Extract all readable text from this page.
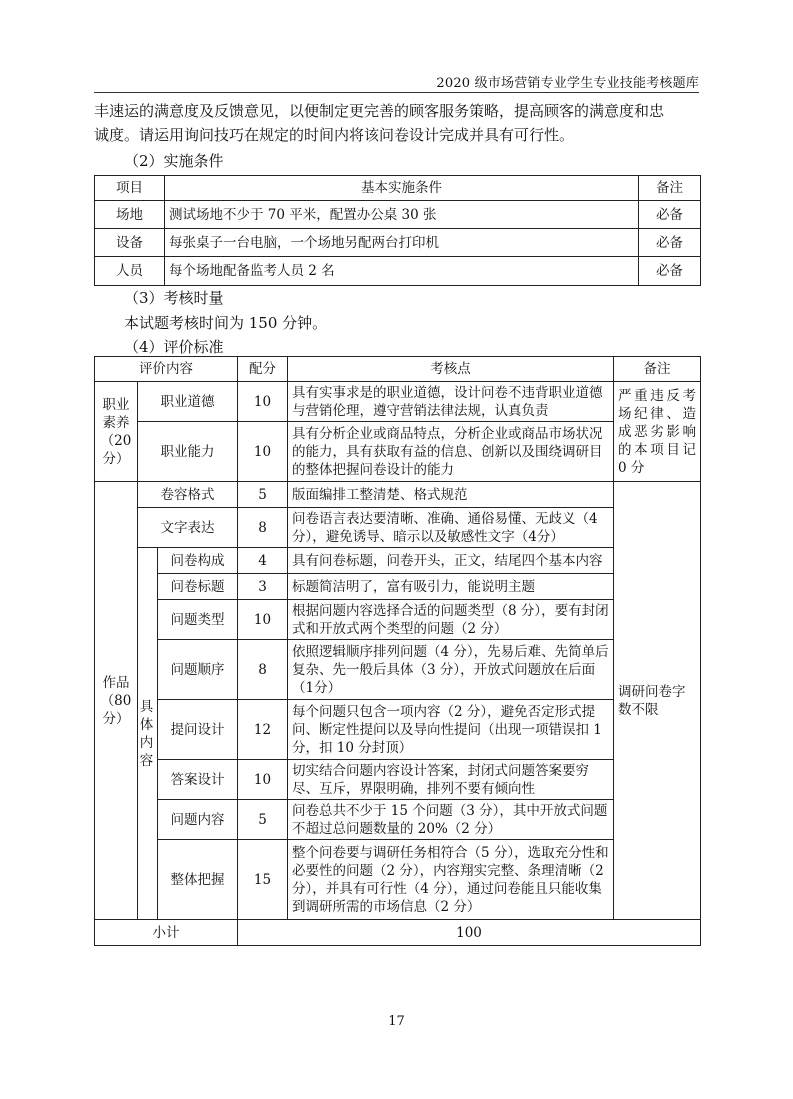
2020 级市场营销专业学生专业技能考核题库

丰速运的满意度及反馈意见，以便制定更完善的顾客服务策略，提高顾客的满意度和忠

诚度。请运用询问技巧在规定的时间内将该问卷设计完成并具有可行性。

（2）实施条件
项目	基本实施条件	备注
场地	测试场地不少于 70 平米，配置办公桌 30 张	必备
设备	每张桌子一台电脑，一个场地另配两台打印机	必备
人员	每个场地配备监考人员 2 名	必备
（3）考核时量
本试题考核时间为 150 分钟。
（4）评价标准
评价内容			配分	考核点	备注
职业素养（20分）	职业道德		10	具有实事求是的职业道德，设计问卷不违背职业道德与营销伦理，遵守营销法律法规，认真负责	严重违反考场纪律、造成恶劣影响的本项目记 0 分
	职业能力		10	具有分析企业或商品特点，分析企业或商品市场状况的能力，具有获取有益的信息、创新以及围绕调研目的整体把握问卷设计的能力	
作品（80分）	卷容格式		5	版面编排工整清楚、格式规范	调研问卷字数不限
	文字表达		8	问卷语言表达要清晰、准确、通俗易懂、无歧义（4分），避免诱导、暗示以及敏感性文字（4分）	
	具体内容	问卷构成	4	具有问卷标题，问卷开头，正文，结尾四个基本内容	
		问卷标题	3	标题简洁明了，富有吸引力，能说明主题	
		问题类型	10	根据问题内容选择合适的问题类型（8 分），要有封闭式和开放式两个类型的问题（2 分）	
		问题顺序	8	依照逻辑顺序排列问题（4 分），先易后难、先简单后复杂、先一般后具体（3 分），开放式问题放在后面（1分）	
		提问设计	12	每个问题只包含一项内容（2 分），避免否定形式提问、断定性提问以及导向性提问（出现一项错误扣 1 分，扣 10 分封顶）	
		答案设计	10	切实结合问题内容设计答案，封闭式问题答案要穷尽、互斥，界限明确，排列不要有倾向性	
		问题内容	5	问卷总共不少于 15 个问题（3 分），其中开放式问题不超过总问题数量的 20%（2 分）	
		整体把握	15	整个问卷要与调研任务相符合（5 分），选取充分性和必要性的问题（2 分），内容翔实完整、条理清晰（2 分），并具有可行性（4 分），通过问卷能且只能收集到调研所需的市场信息（2 分）	
小计			100		
17
